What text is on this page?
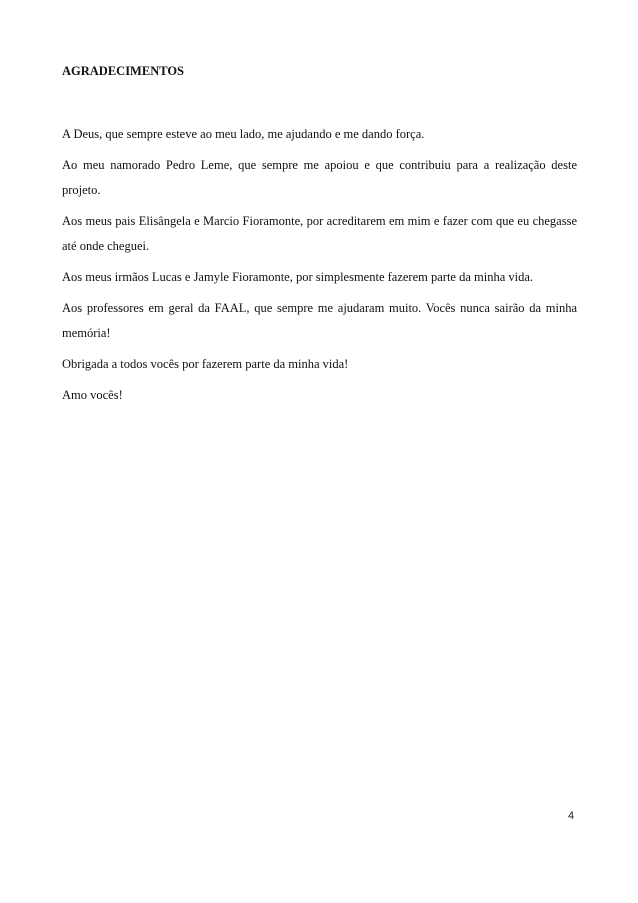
AGRADECIMENTOS

A Deus, que sempre esteve ao meu lado, me ajudando e me dando força.

Ao meu namorado Pedro Leme, que sempre me apoiou e que contribuiu para a realização deste projeto.

Aos meus pais Elisângela e Marcio Fioramonte, por acreditarem em mim e fazer com que eu chegasse até onde cheguei.

Aos meus irmãos Lucas e Jamyle Fioramonte, por simplesmente fazerem parte da minha vida.

Aos professores em geral da FAAL, que sempre me ajudaram muito. Vocês nunca sairão da minha memória!

Obrigada a todos vocês por fazerem parte da minha vida!

Amo vocês!

4
